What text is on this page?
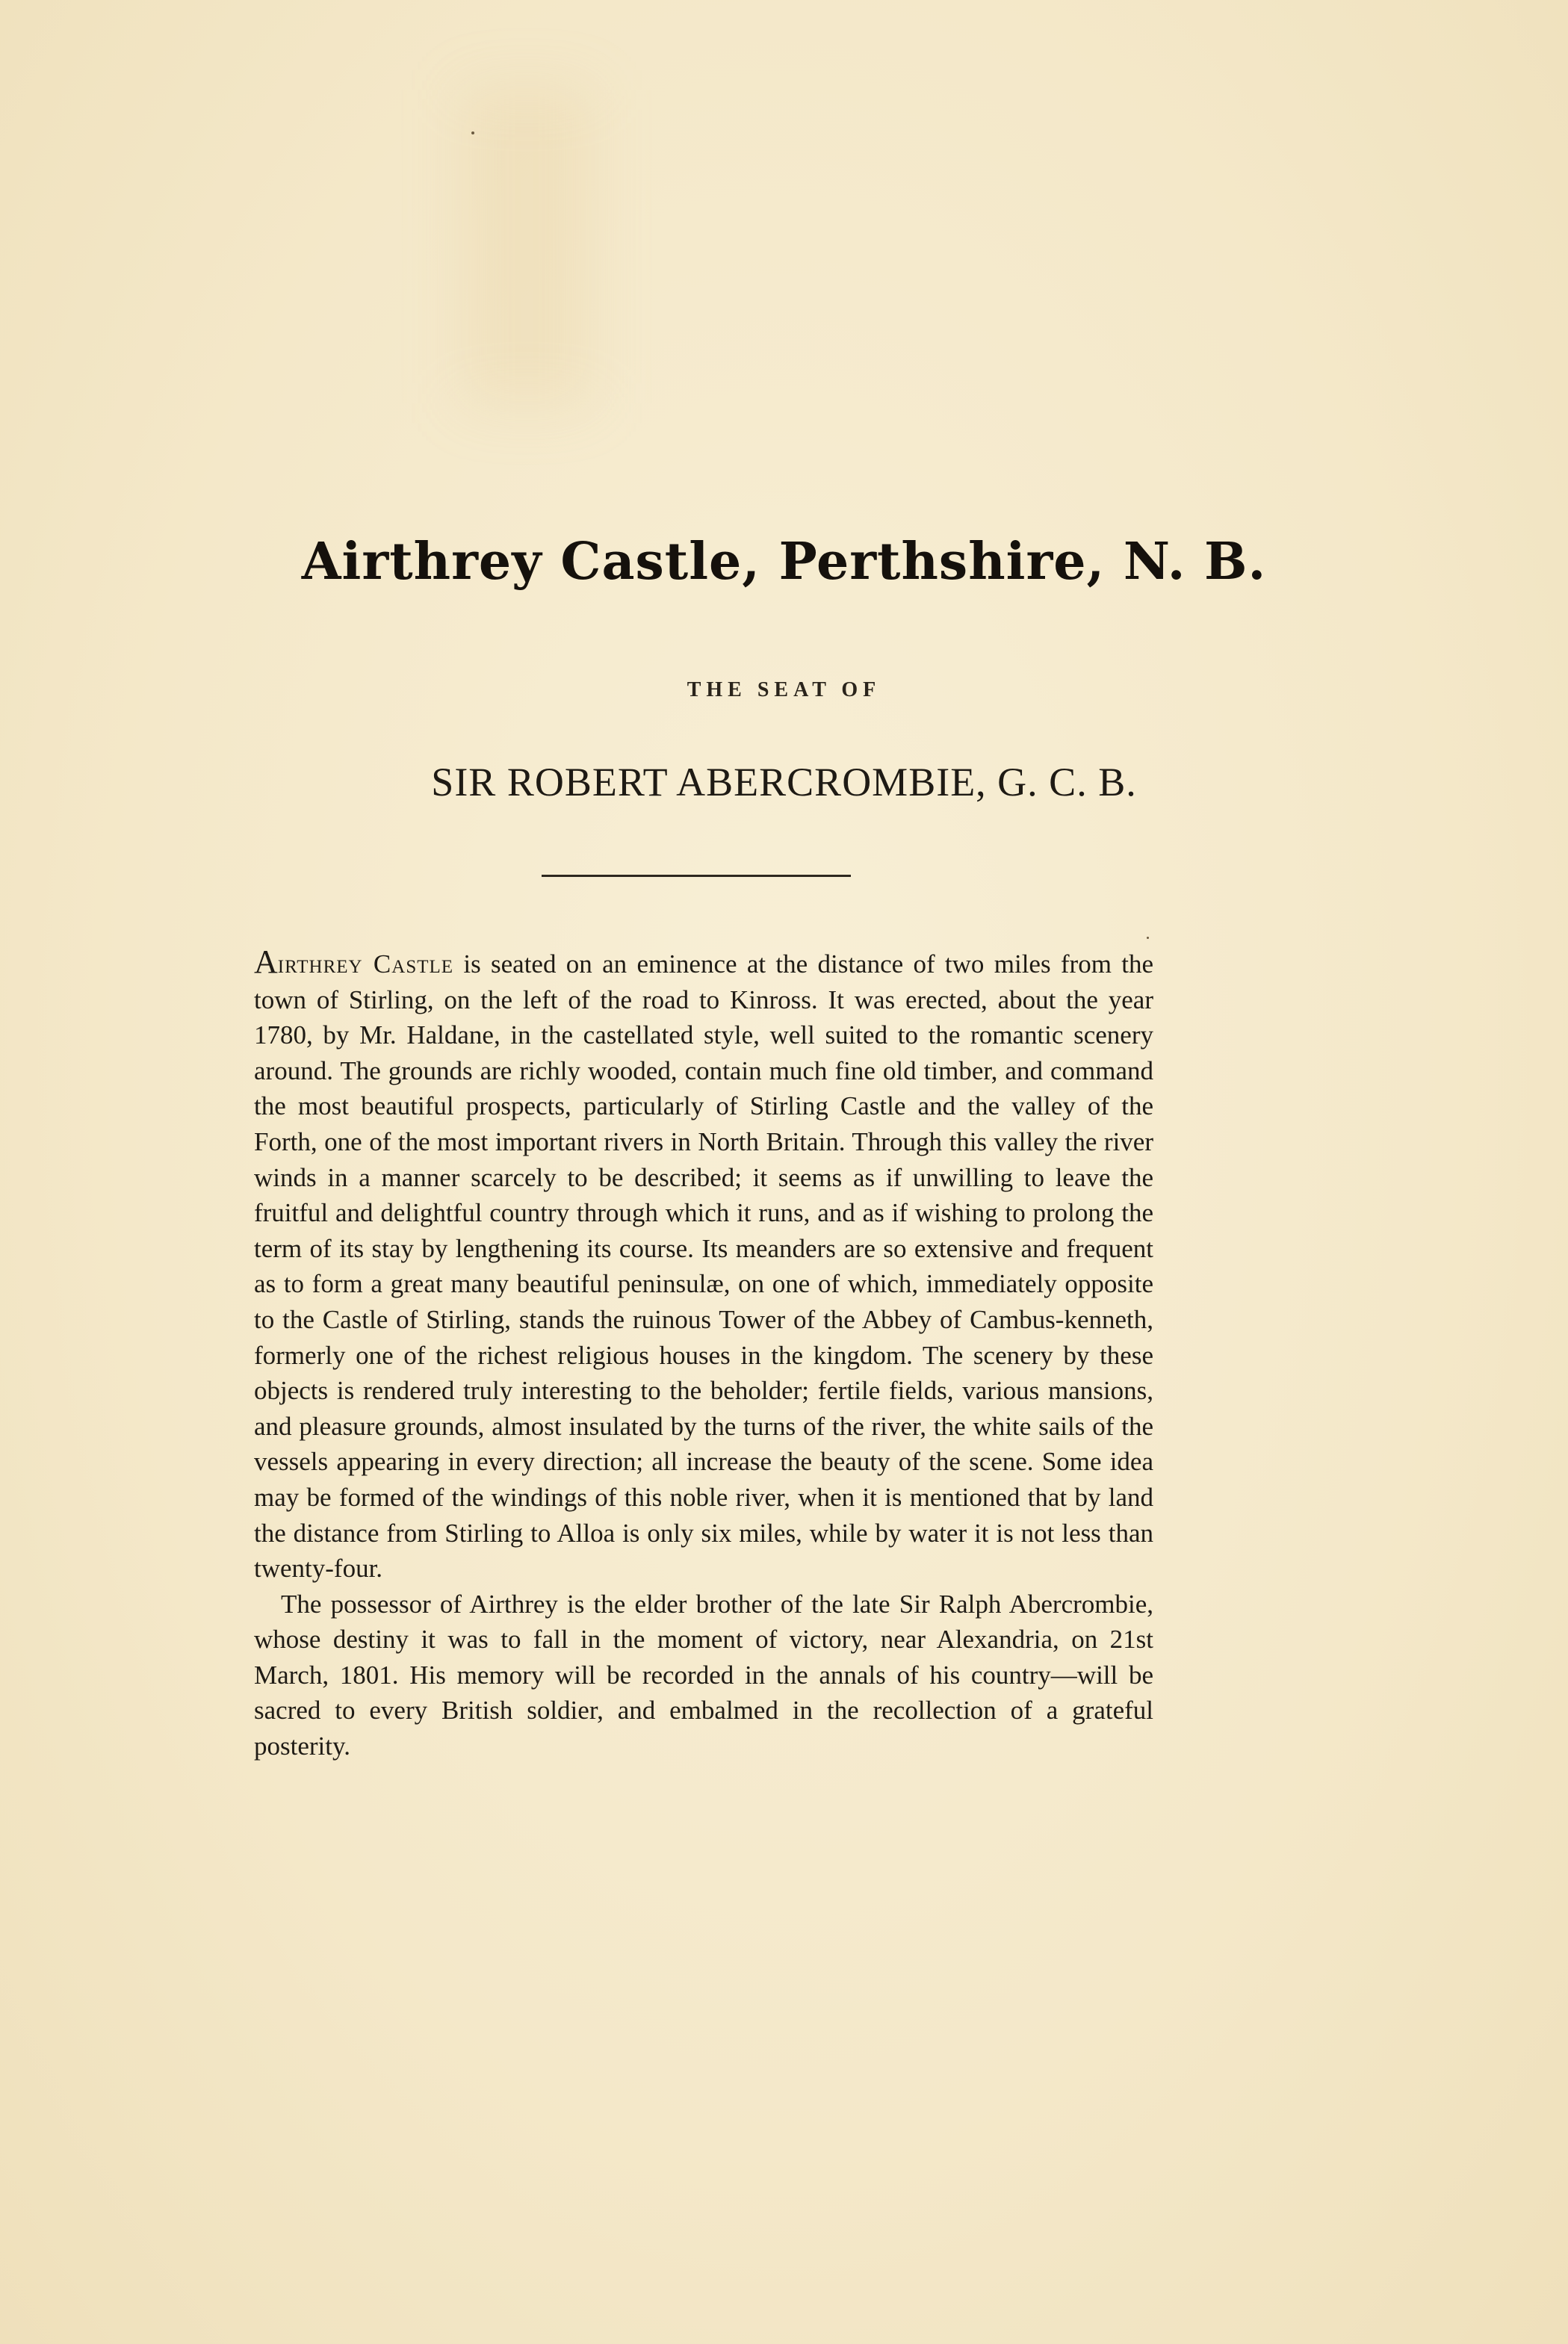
Airthrey Castle, Perthshire, N. B.
THE SEAT OF
SIR ROBERT ABERCROMBIE, G. C. B.

Airthrey Castle is seated on an eminence at the distance of two miles from the town of Stirling, on the left of the road to Kinross. It was erected, about the year 1780, by Mr. Haldane, in the castellated style, well suited to the romantic scenery around. The grounds are richly wooded, contain much fine old timber, and command the most beautiful prospects, particularly of Stirling Castle and the valley of the Forth, one of the most important rivers in North Britain. Through this valley the river winds in a manner scarcely to be described; it seems as if unwilling to leave the fruitful and delightful country through which it runs, and as if wishing to prolong the term of its stay by lengthening its course. Its meanders are so extensive and frequent as to form a great many beautiful peninsulæ, on one of which, immediately opposite to the Castle of Stirling, stands the ruinous Tower of the Abbey of Cambus-kenneth, formerly one of the richest religious houses in the kingdom. The scenery by these objects is rendered truly interesting to the beholder; fertile fields, various mansions, and pleasure grounds, almost insulated by the turns of the river, the white sails of the vessels appearing in every direction; all increase the beauty of the scene. Some idea may be formed of the windings of this noble river, when it is mentioned that by land the distance from Stirling to Alloa is only six miles, while by water it is not less than twenty-four.

The possessor of Airthrey is the elder brother of the late Sir Ralph Abercrombie, whose destiny it was to fall in the moment of victory, near Alexandria, on 21st March, 1801. His memory will be recorded in the annals of his country—will be sacred to every British soldier, and embalmed in the recollection of a grateful posterity.
